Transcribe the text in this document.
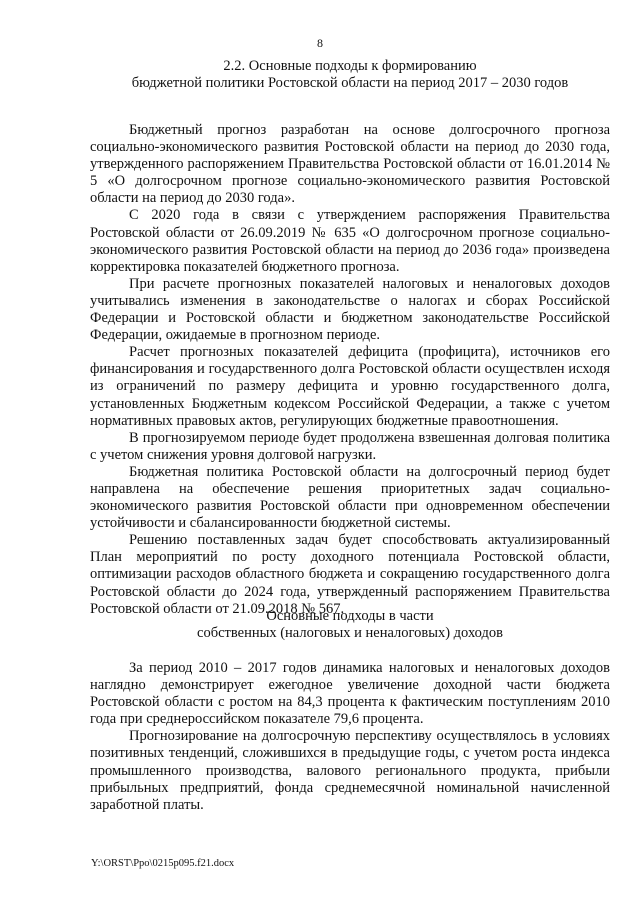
8
2.2. Основные подходы к формированию
бюджетной политики Ростовской области на период 2017 – 2030 годов

Бюджетный прогноз разработан на основе долгосрочного прогноза социально-экономического развития Ростовской области на период до 2030 года, утвержденного распоряжением Правительства Ростовской области от 16.01.2014 № 5 «О долгосрочном прогнозе социально-экономического развития Ростовской области на период до 2030 года».

С 2020 года в связи с утверждением распоряжения Правительства Ростовской области от 26.09.2019 № 635 «О долгосрочном прогнозе социально-экономического развития Ростовской области на период до 2036 года» произведена корректировка показателей бюджетного прогноза.

При расчете прогнозных показателей налоговых и неналоговых доходов учитывались изменения в законодательстве о налогах и сборах Российской Федерации и Ростовской области и бюджетном законодательстве Российской Федерации, ожидаемые в прогнозном периоде.

Расчет прогнозных показателей дефицита (профицита), источников его финансирования и государственного долга Ростовской области осуществлен исходя из ограничений по размеру дефицита и уровню государственного долга, установленных Бюджетным кодексом Российской Федерации, а также с учетом нормативных правовых актов, регулирующих бюджетные правоотношения.

В прогнозируемом периоде будет продолжена взвешенная долговая политика с учетом снижения уровня долговой нагрузки.

Бюджетная политика Ростовской области на долгосрочный период будет направлена на обеспечение решения приоритетных задач социально-экономического развития Ростовской области при одновременном обеспечении устойчивости и сбалансированности бюджетной системы.

Решению поставленных задач будет способствовать актуализированный План мероприятий по росту доходного потенциала Ростовской области, оптимизации расходов областного бюджета и сокращению государственного долга Ростовской области до 2024 года, утвержденный распоряжением Правительства Ростовской области от 21.09.2018 № 567.

Основные подходы в части
собственных (налоговых и неналоговых) доходов

За период 2010 – 2017 годов динамика налоговых и неналоговых доходов наглядно демонстрирует ежегодное увеличение доходной части бюджета Ростовской области с ростом на 84,3 процента к фактическим поступлениям 2010 года при среднероссийском показателе 79,6 процента.

Прогнозирование на долгосрочную перспективу осуществлялось в условиях позитивных тенденций, сложившихся в предыдущие годы, с учетом роста индекса промышленного производства, валового регионального продукта, прибыли прибыльных предприятий, фонда среднемесячной номинальной начисленной заработной платы.

Y:\ORST\Ppo\0215p095.f21.docx
